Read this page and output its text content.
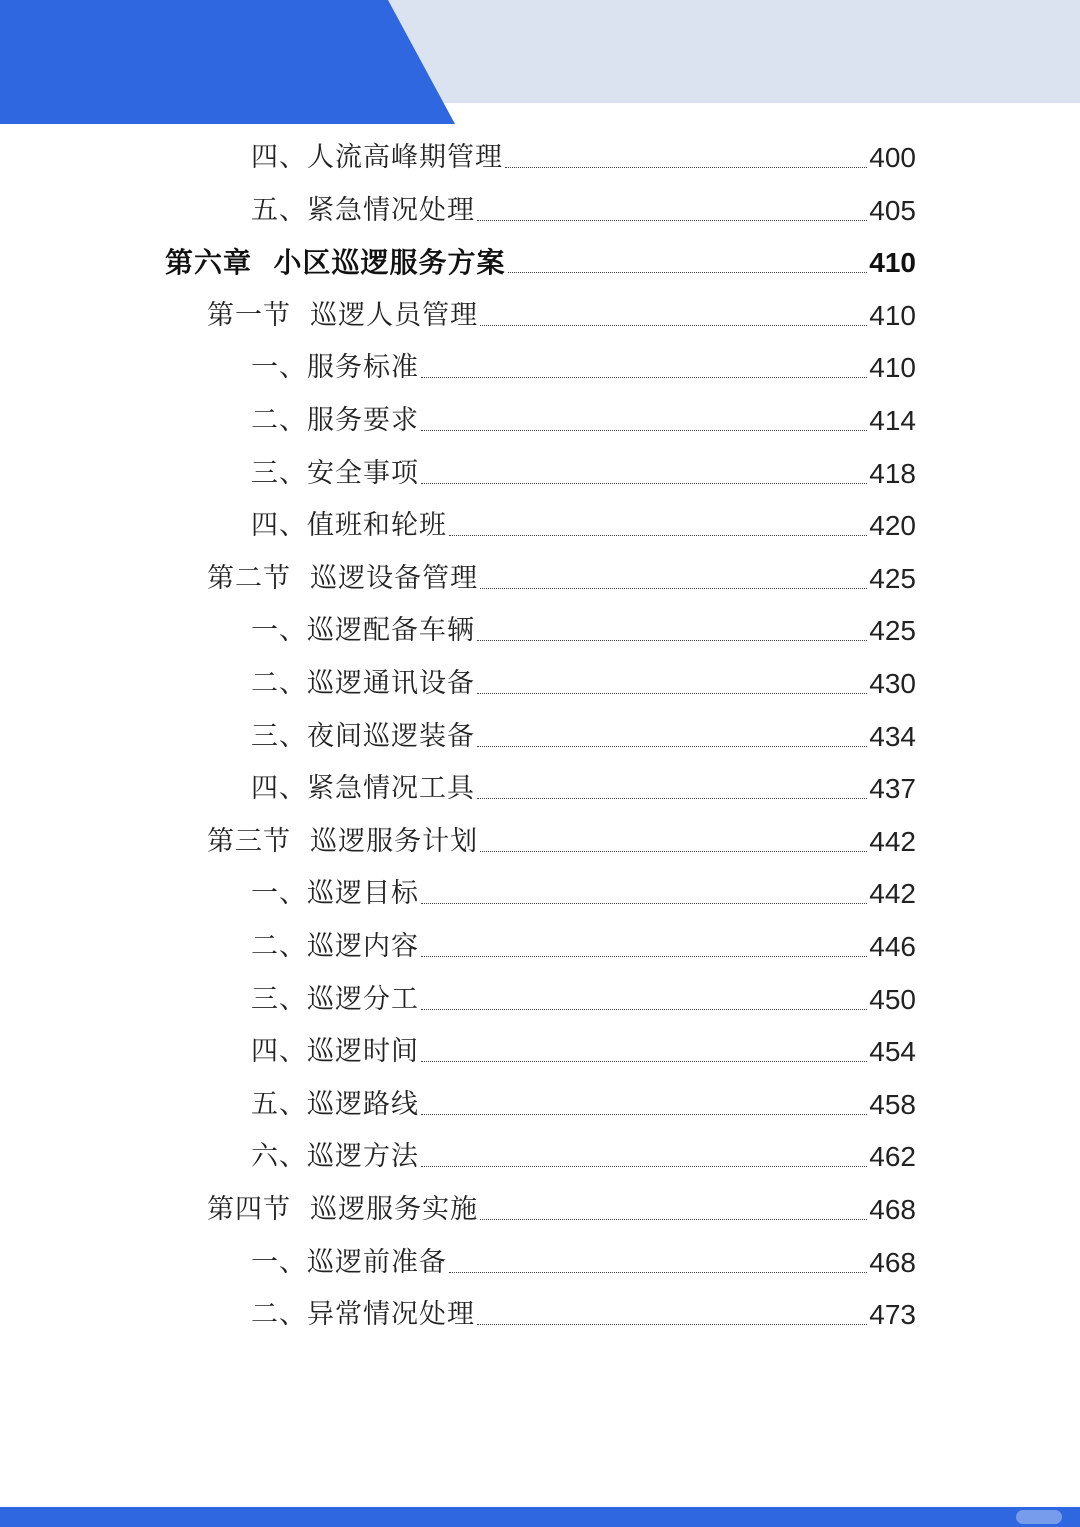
四、人流高峰期管理	400
五、紧急情况处理	405
第六章  小区巡逻服务方案	410
第一节  巡逻人员管理	410
一、服务标准	410
二、服务要求	414
三、安全事项	418
四、值班和轮班	420
第二节  巡逻设备管理	425
一、巡逻配备车辆	425
二、巡逻通讯设备	430
三、夜间巡逻装备	434
四、紧急情况工具	437
第三节  巡逻服务计划	442
一、巡逻目标	442
二、巡逻内容	446
三、巡逻分工	450
四、巡逻时间	454
五、巡逻路线	458
六、巡逻方法	462
第四节  巡逻服务实施	468
一、巡逻前准备	468
二、异常情况处理	473
